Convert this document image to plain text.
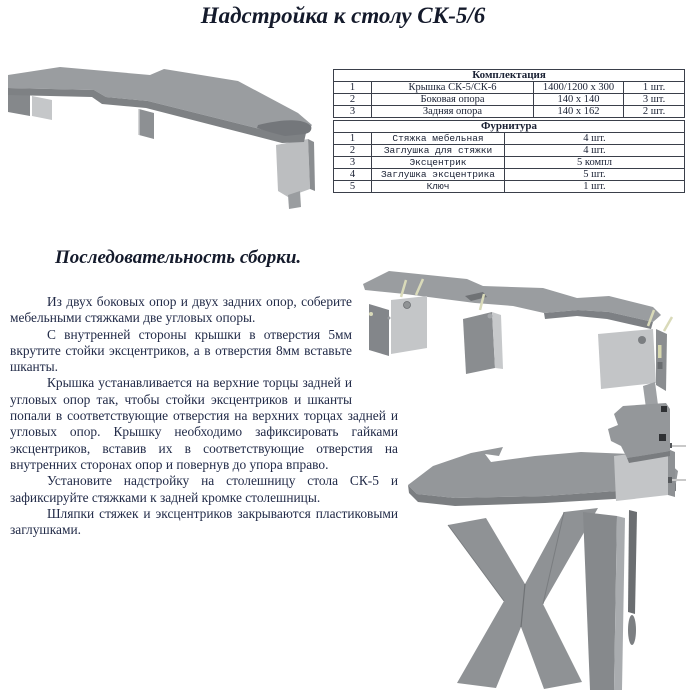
Надстройка к столу СК-5/6
Комплектация			
1	Крышка СК-5/СК-6	1400/1200 x 300	1 шт.
2	Боковая опора	140 x 140	3 шт.
3	Задняя опора	140 x 162	2 шт.
Фурнитура		
1	Стяжка мебельная	4 шт.
2	Заглушка для стяжки	4 шт.
3	Эксцентрик	5 компл
4	Заглушка эксцентрика	5 шт.
5	Ключ	1 шт.
Последовательность сборки.

Из двух боковых опор и двух задних опор, соберите мебельными стяжками две угловых опоры.

С внутренней стороны крышки в отверстия 5мм вкрутите стойки эксцентриков, а в отверстия 8мм вставьте шканты.

Крышка устанавливается на верхние торцы задней и угловых опор так, чтобы стойки эксцентриков и шканты попали в соответствующие отверстия на верхних торцах задней и угловых опор. Крышку необходимо зафиксировать гайками эксцентриков, вставив их в соответствующие отверстия на внутренних сторонах опор и повернув до упора вправо.

Установите надстройку на столешницу стола СК-5 и зафиксируйте стяжками к задней кромке столешницы.

Шляпки стяжек и эксцентриков закрываются пластиковыми заглушками.
